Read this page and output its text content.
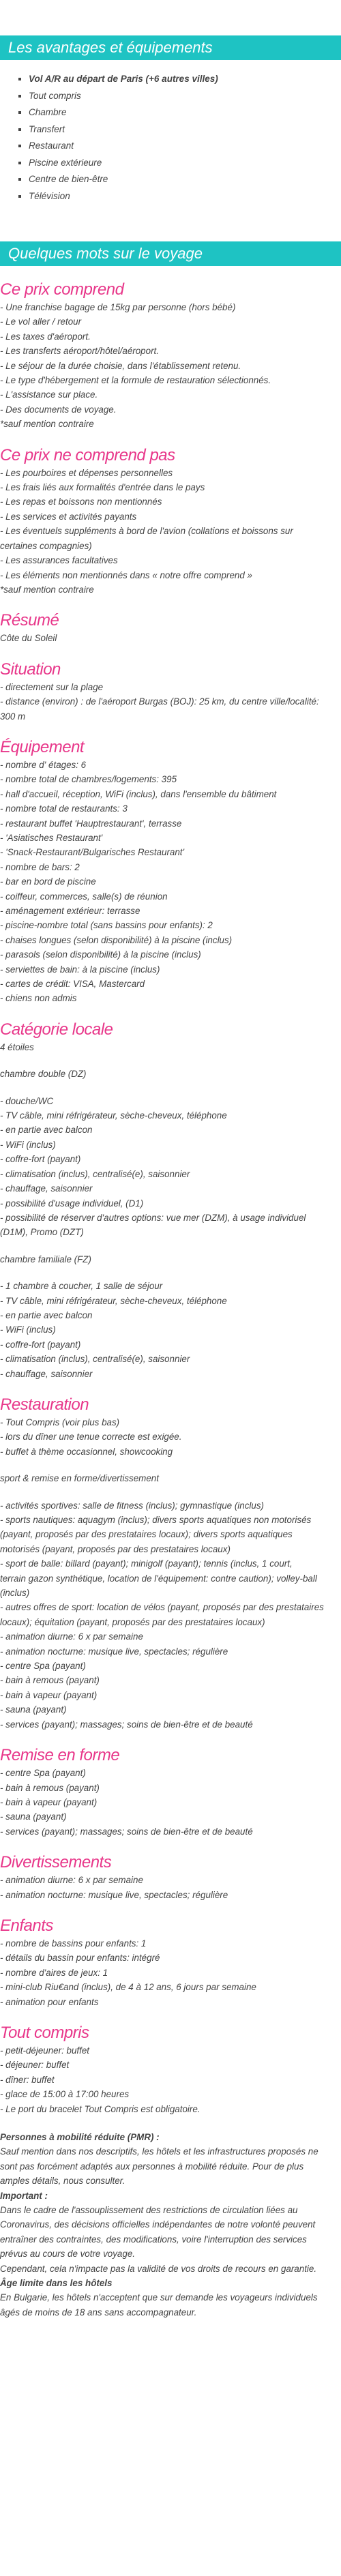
Les avantages et équipements
▪ Vol A/R au départ de Paris (+6 autres villes)
▪ Tout compris
▪ Chambre
▪ Transfert
▪ Restaurant
▪ Piscine extérieure
▪ Centre de bien-être
▪ Télévision
Quelques mots sur le voyage
Ce prix comprend
- Une franchise bagage de 15kg par personne (hors bébé)
- Le vol aller / retour
- Les taxes d'aéroport.
- Les transferts aéroport/hôtel/aéroport.
- Le séjour de la durée choisie, dans l'établissement retenu.
- Le type d'hébergement et la formule de restauration sélectionnés.
- L'assistance sur place.
- Des documents de voyage.
*sauf mention contraire
Ce prix ne comprend pas
- Les pourboires et dépenses personnelles
- Les frais liés aux formalités d'entrée dans le pays
- Les repas et boissons non mentionnés
- Les services et activités payants
- Les éventuels suppléments à bord de l'avion (collations et boissons sur
certaines compagnies)
- Les assurances facultatives
- Les éléments non mentionnés dans « notre offre comprend »
*sauf mention contraire
Résumé
Côte du Soleil
Situation
- directement sur la plage
- distance (environ) : de l'aéroport Burgas (BOJ): 25 km, du centre ville/localité:
300 m
Équipement
- nombre d' étages: 6
- nombre total de chambres/logements: 395
- hall d'accueil, réception, WiFi (inclus), dans l'ensemble du bâtiment
- nombre total de restaurants: 3
- restaurant buffet 'Hauptrestaurant', terrasse
- 'Asiatisches Restaurant'
- 'Snack-Restaurant/Bulgarisches Restaurant'
- nombre de bars: 2
- bar en bord de piscine
- coiffeur, commerces, salle(s) de réunion
- aménagement extérieur: terrasse
- piscine-nombre total (sans bassins pour enfants): 2
- chaises longues (selon disponibilité) à la piscine (inclus)
- parasols (selon disponibilité) à la piscine (inclus)
- serviettes de bain: à la piscine (inclus)
- cartes de crédit: VISA, Mastercard
- chiens non admis
Catégorie locale
4 étoiles
chambre double (DZ)
- douche/WC
- TV câble, mini réfrigérateur, sèche-cheveux, téléphone
- en partie avec balcon
- WiFi (inclus)
- coffre-fort (payant)
- climatisation (inclus), centralisé(e), saisonnier
- chauffage, saisonnier
- possibilité d'usage individuel, (D1)
- possibilité de réserver d'autres options: vue mer (DZM), à usage individuel
(D1M), Promo (DZT)
chambre familiale (FZ)
- 1 chambre à coucher, 1 salle de séjour
- TV câble, mini réfrigérateur, sèche-cheveux, téléphone
- en partie avec balcon
- WiFi (inclus)
- coffre-fort (payant)
- climatisation (inclus), centralisé(e), saisonnier
- chauffage, saisonnier
Restauration
- Tout Compris (voir plus bas)
- lors du dîner une tenue correcte est exigée.
- buffet à thème occasionnel, showcooking
sport & remise en forme/divertissement
- activités sportives: salle de fitness (inclus); gymnastique (inclus)
- sports nautiques: aquagym (inclus); divers sports aquatiques non motorisés
(payant, proposés par des prestataires locaux); divers sports aquatiques
motorisés (payant, proposés par des prestataires locaux)
- sport de balle: billard (payant); minigolf (payant); tennis (inclus, 1 court,
terrain gazon synthétique, location de l'équipement: contre caution); volley-ball
(inclus)
- autres offres de sport: location de vélos (payant, proposés par des prestataires
locaux); équitation (payant, proposés par des prestataires locaux)
- animation diurne: 6 x par semaine
- animation nocturne: musique live, spectacles; régulière
- centre Spa (payant)
- bain à remous (payant)
- bain à vapeur (payant)
- sauna (payant)
- services (payant); massages; soins de bien-être et de beauté
Remise en forme
- centre Spa (payant)
- bain à remous (payant)
- bain à vapeur (payant)
- sauna (payant)
- services (payant); massages; soins de bien-être et de beauté
Divertissements
- animation diurne: 6 x par semaine
- animation nocturne: musique live, spectacles; régulière
Enfants
- nombre de bassins pour enfants: 1
- détails du bassin pour enfants: intégré
- nombre d'aires de jeux: 1
- mini-club Riu€and (inclus), de 4 à 12 ans, 6 jours par semaine
- animation pour enfants
Tout compris
- petit-déjeuner: buffet
- déjeuner: buffet
- dîner: buffet
- glace de 15:00 à 17:00 heures
- Le port du bracelet Tout Compris est obligatoire.
Personnes à mobilité réduite (PMR) :
Sauf mention dans nos descriptifs, les hôtels et les infrastructures proposés ne
sont pas forcément adaptés aux personnes à mobilité réduite. Pour de plus
amples détails, nous consulter.
Important :
Dans le cadre de l'assouplissement des restrictions de circulation liées au
Coronavirus, des décisions officielles indépendantes de notre volonté peuvent
entraîner des contraintes, des modifications, voire l'interruption des services
prévus au cours de votre voyage.
Cependant, cela n'impacte pas la validité de vos droits de recours en garantie.
Âge limite dans les hôtels
En Bulgarie, les hôtels n'acceptent que sur demande les voyageurs individuels
âgés de moins de 18 ans sans accompagnateur.
